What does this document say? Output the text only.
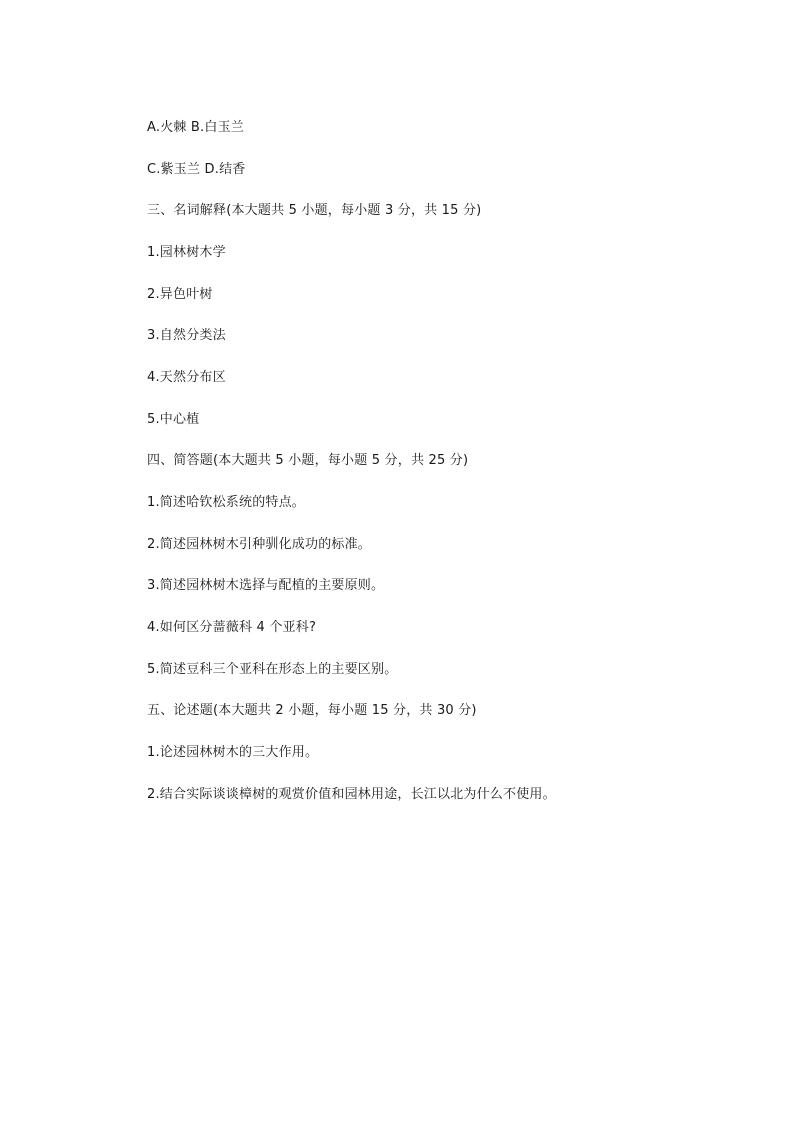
A.火棘 B.白玉兰
C.紫玉兰 D.结香
三、名词解释(本大题共 5 小题，每小题 3 分，共 15 分)
1.园林树木学
2.异色叶树
3.自然分类法
4.天然分布区
5.中心植
四、简答题(本大题共 5 小题，每小题 5 分，共 25 分)
1.简述哈钦松系统的特点。
2.简述园林树木引种驯化成功的标准。
3.简述园林树木选择与配植的主要原则。
4.如何区分蔷薇科 4 个亚科?
5.简述豆科三个亚科在形态上的主要区别。
五、论述题(本大题共 2 小题，每小题 15 分，共 30 分)
1.论述园林树木的三大作用。
2.结合实际谈谈樟树的观赏价值和园林用途，长江以北为什么不使用。
